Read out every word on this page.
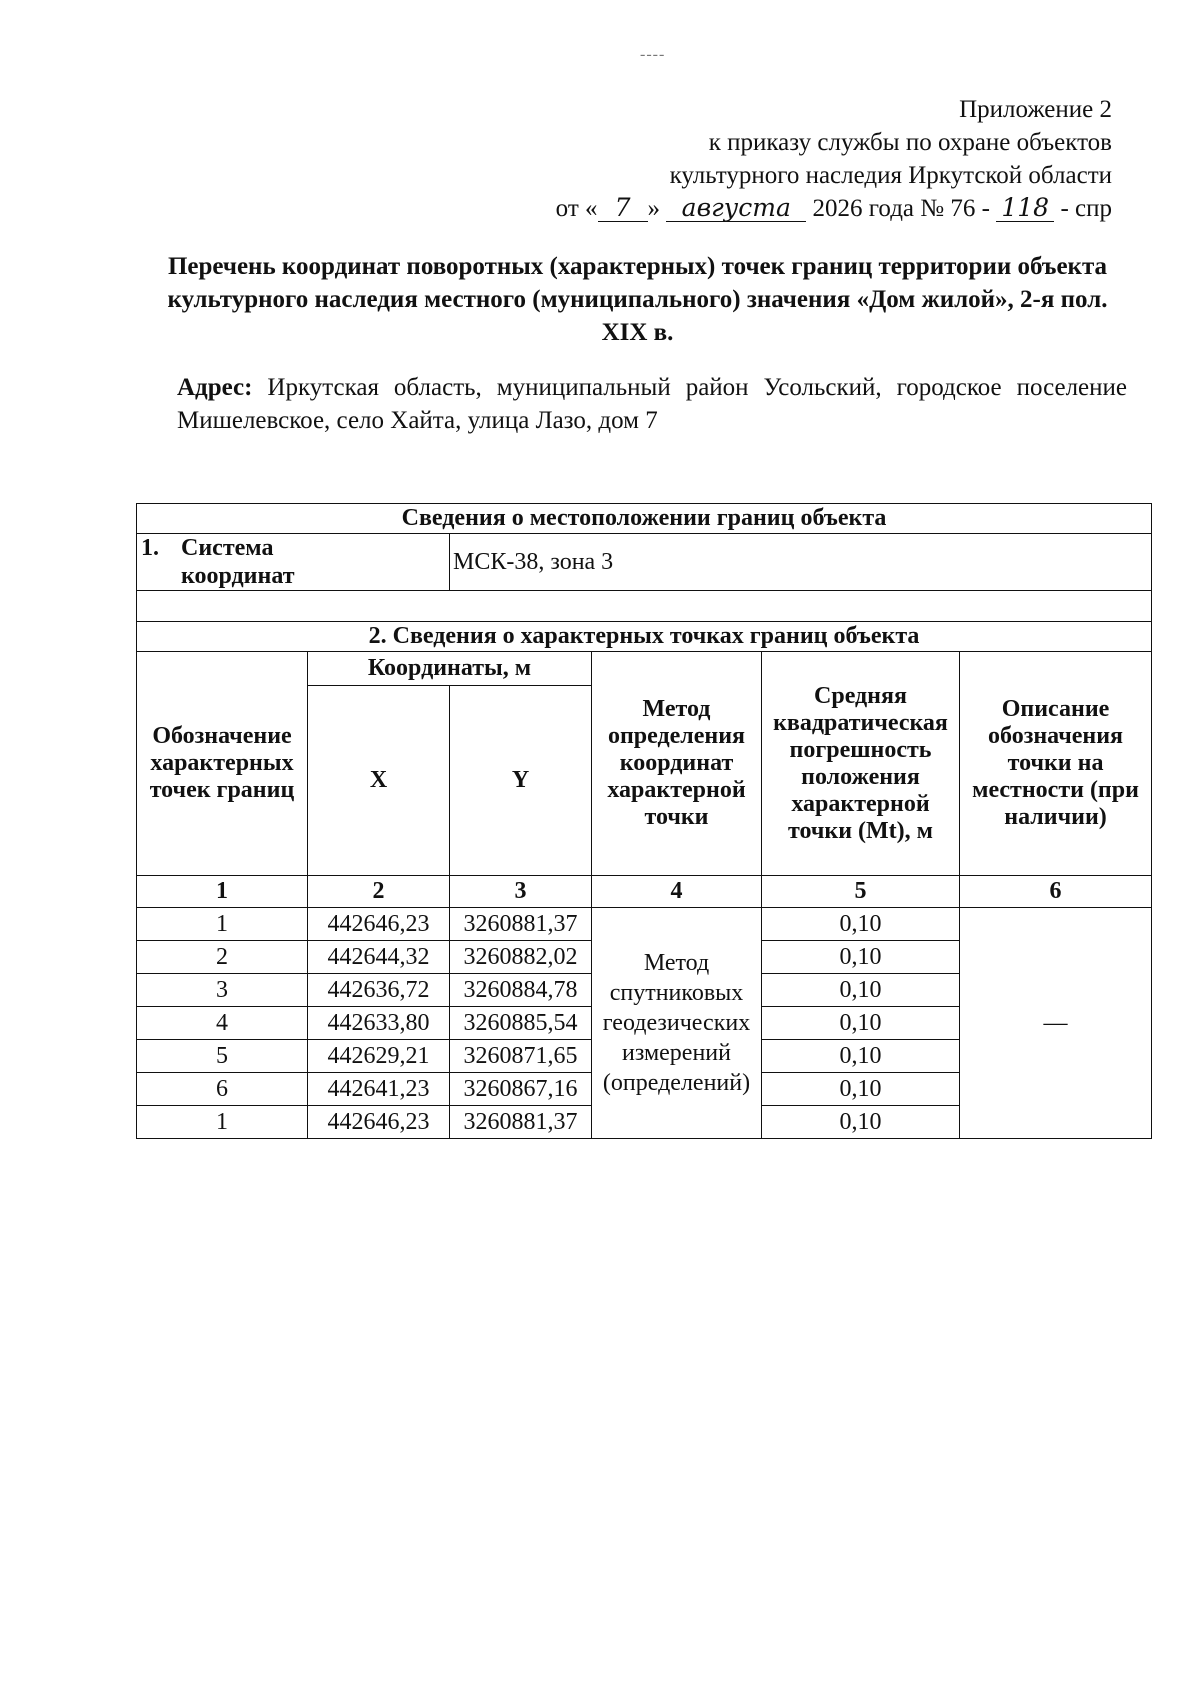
----
Приложение 2
к приказу службы по охране объектов
культурного наследия Иркутской области
от « 7 » августа 2026 года № 76 - 118 - спр
Перечень координат поворотных (характерных) точек границ территории объекта культурного наследия местного (муниципального) значения «Дом жилой», 2-я пол. XIX в.
Адрес: Иркутская область, муниципальный район Усольский, городское поселение Мишелевское, село Хайта, улица Лазо, дом 7
Сведения о местоположении границ объекта					
1. Система
координат		МСК-38, зона 3			

2. Сведения о характерных точках границ объекта					
Обозначение характерных точек границ	Координаты, м		Метод определения координат характерной точки	Средняя квадратическая погрешность положения характерной точки (Mt), м	Описание обозначения точки на местности (при наличии)
	X	Y			
1	2	3	4	5	6
1	442646,23	3260881,37	Метод спутниковых геодезических измерений (определений)	0,10	—
2	442644,32	3260882,02		0,10	
3	442636,72	3260884,78		0,10	
4	442633,80	3260885,54		0,10	
5	442629,21	3260871,65		0,10	
6	442641,23	3260867,16		0,10	
1	442646,23	3260881,37		0,10	
